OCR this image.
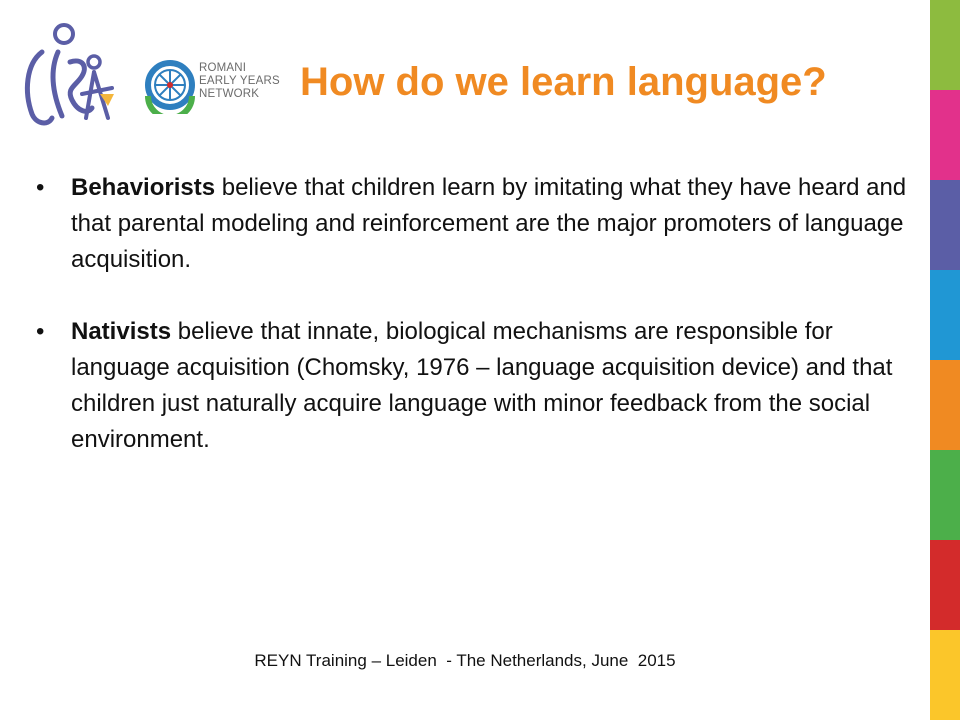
ROMANI
EARLY YEARS
NETWORK	How do we learn language?
• Behaviorists believe that children learn by imitating what they have heard and that parental modeling and reinforcement are the major promoters of language acquisition.
• Nativists believe that innate, biological mechanisms are responsible for language acquisition (Chomsky, 1976 – language acquisition device) and that children just naturally acquire language with minor feedback from the social environment.
REYN Training – Leiden  - The Netherlands, June  2015
